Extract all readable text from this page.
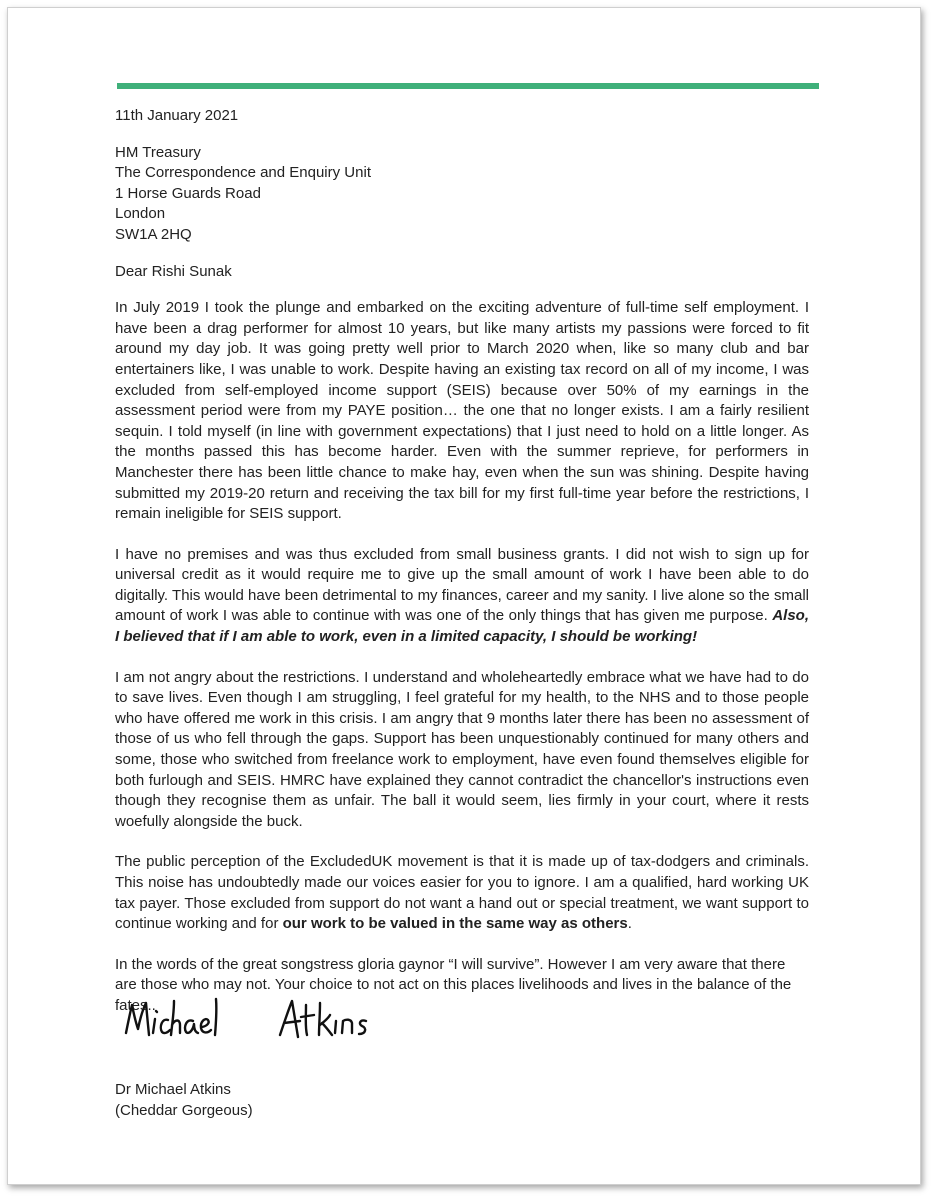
11th January 2021
HM Treasury
The Correspondence and Enquiry Unit
1 Horse Guards Road
London
SW1A 2HQ
Dear Rishi Sunak

In July 2019 I took the plunge and embarked on the exciting adventure of full-time self employment. I have been a drag performer for almost 10 years, but like many artists my passions were forced to fit around my day job. It was going pretty well prior to March 2020 when, like so many club and bar entertainers like, I was unable to work. Despite having an existing tax record on all of my income, I was excluded from self-employed income support (SEIS) because over 50% of my earnings in the assessment period were from my PAYE position… the one that no longer exists. I am a fairly resilient sequin. I told myself (in line with government expectations) that I just need to hold on a little longer. As the months passed this has become harder. Even with the summer reprieve, for performers in Manchester there has been little chance to make hay, even when the sun was shining. Despite having submitted my 2019-20 return and receiving the tax bill for my first full-time year before the restrictions, I remain ineligible for SEIS support.

I have no premises and was thus excluded from small business grants. I did not wish to sign up for universal credit as it would require me to give up the small amount of work I have been able to do digitally. This would have been detrimental to my finances, career and my sanity. I live alone so the small amount of work I was able to continue with was one of the only things that has given me purpose. Also, I believed that if I am able to work, even in a limited capacity, I should be working!

I am not angry about the restrictions. I understand and wholeheartedly embrace what we have had to do to save lives. Even though I am struggling, I feel grateful for my health, to the NHS and to those people who have offered me work in this crisis. I am angry that 9 months later there has been no assessment of those of us who fell through the gaps. Support has been unquestionably continued for many others and some, those who switched from freelance work to employment, have even found themselves eligible for both furlough and SEIS. HMRC have explained they cannot contradict the chancellor's instructions even though they recognise them as unfair. The ball it would seem, lies firmly in your court, where it rests woefully alongside the buck.

The public perception of the ExcludedUK movement is that it is made up of tax-dodgers and criminals. This noise has undoubtedly made our voices easier for you to ignore. I am a qualified, hard working UK tax payer. Those excluded from support do not want a hand out or special treatment, we want support to continue working and for our work to be valued in the same way as others.

In the words of the great songstress gloria gaynor “I will survive”. However I am very aware that there are those who may not. Your choice to not act on this places livelihoods and lives in the balance of the fates..

Dr Michael Atkins
(Cheddar Gorgeous)
